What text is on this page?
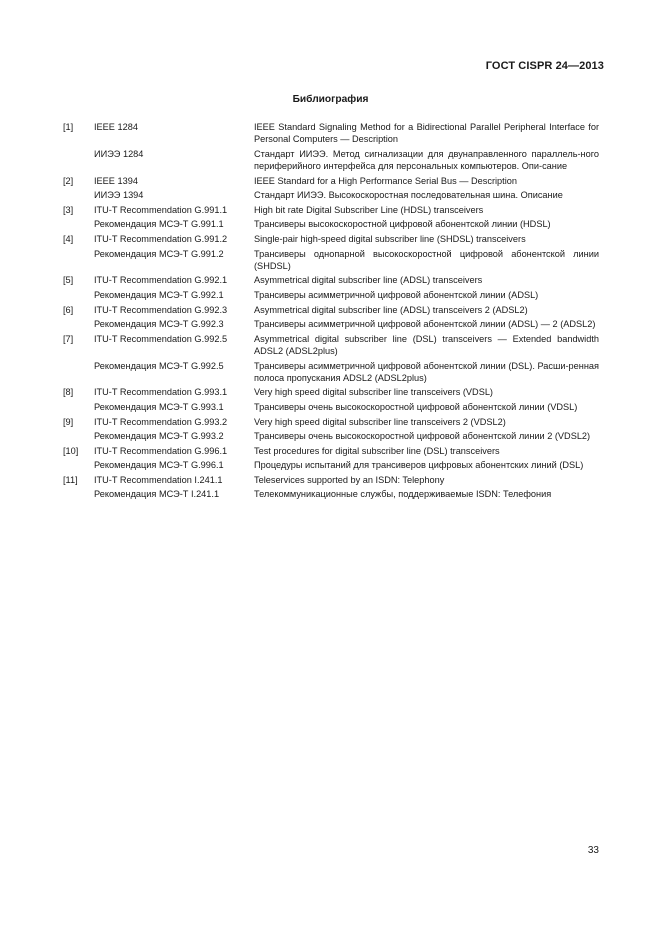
ГОСТ CISPR 24—2013
Библиография
[1]	IEEE 1284	IEEE Standard Signaling Method for a Bidirectional Parallel Peripheral Interface for Personal Computers — Description
ИИЭЭ 1284	Стандарт ИИЭЭ. Метод сигнализации для двунаправленного параллель-ного периферийного интерфейса для персональных компьютеров. Опи-сание
[2]	IEEE 1394	IEEE Standard for a High Performance Serial Bus — Description
ИИЭЭ 1394	Стандарт ИИЭЭ. Высокоскоростная последовательная шина. Описание
[3]	ITU-T Recommendation G.991.1	High bit rate Digital Subscriber Line (HDSL) transceivers
Рекомендация МСЭ-Т G.991.1	Трансиверы высокоскоростной цифровой абонентской линии (HDSL)
[4]	ITU-T Recommendation G.991.2	Single-pair high-speed digital subscriber line (SHDSL) transceivers
Рекомендация МСЭ-Т G.991.2	Трансиверы однопарной высокоскоростной цифровой абонентской линии (SHDSL)
[5]	ITU-T Recommendation G.992.1	Asymmetrical digital subscriber line (ADSL) transceivers
Рекомендация МСЭ-Т G.992.1	Трансиверы асимметричной цифровой абонентской линии (ADSL)
[6]	ITU-T Recommendation G.992.3	Asymmetrical digital subscriber line (ADSL) transceivers 2 (ADSL2)
Рекомендация МСЭ-Т G.992.3	Трансиверы асимметричной цифровой абонентской линии (ADSL) — 2 (ADSL2)
[7]	ITU-T Recommendation G.992.5	Asymmetrical digital subscriber line (DSL) transceivers — Extended bandwidth ADSL2 (ADSL2plus)
Рекомендация МСЭ-Т G.992.5	Трансиверы асимметричной цифровой абонентской линии (DSL). Расши-ренная полоса пропускания ADSL2 (ADSL2plus)
[8]	ITU-T Recommendation G.993.1	Very high speed digital subscriber line transceivers (VDSL)
Рекомендация МСЭ-Т G.993.1	Трансиверы очень высокоскоростной цифровой абонентской линии (VDSL)
[9]	ITU-T Recommendation G.993.2	Very high speed digital subscriber line transceivers 2 (VDSL2)
Рекомендация МСЭ-Т G.993.2	Трансиверы очень высокоскоростной цифровой абонентской линии 2 (VDSL2)
[10]	ITU-T Recommendation G.996.1	Test procedures for digital subscriber line (DSL) transceivers
Рекомендация МСЭ-Т G.996.1	Процедуры испытаний для трансиверов цифровых абонентских линий (DSL)
[11]	ITU-T Recommendation I.241.1	Teleservices supported by an ISDN: Telephony
Рекомендация МСЭ-Т I.241.1	Телекоммуникационные службы, поддерживаемые ISDN: Телефония
33
